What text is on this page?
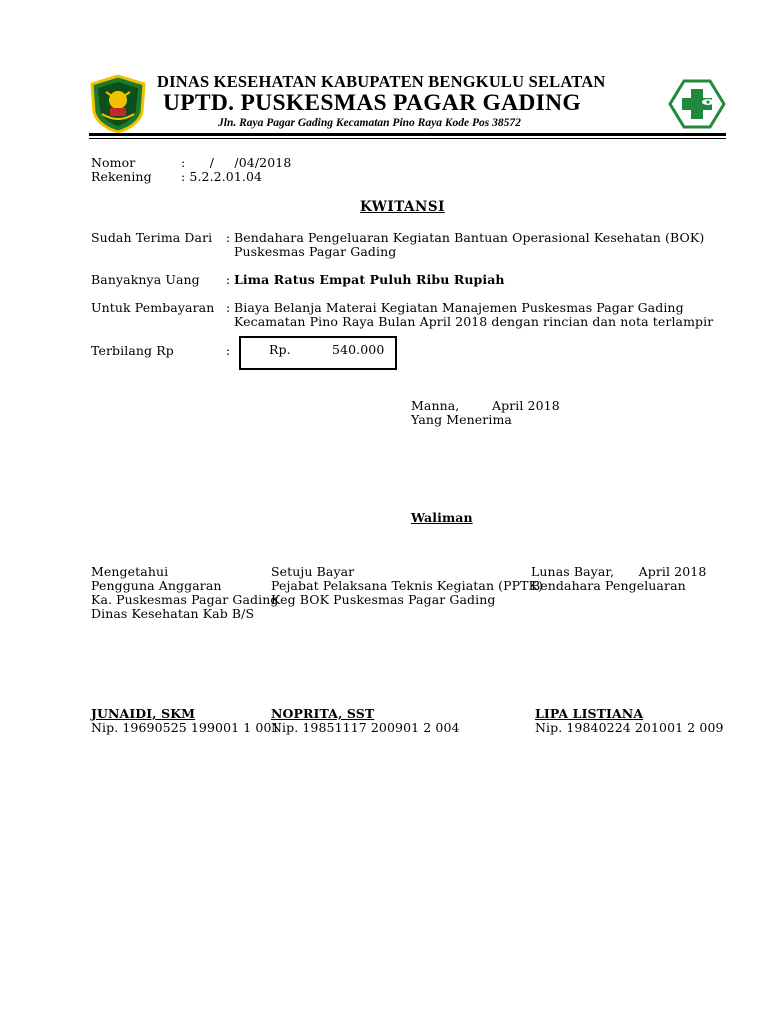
DINAS KESEHATAN KABUPATEN BENGKULU SELATAN
UPTD. PUSKESMAS PAGAR GADING
Jln. Raya Pagar Gading Kecamatan Pino Raya Kode Pos 38572
Nomor	:      /     /04/2018
Rekening : 5.2.2.01.04
KWITANSI
Sudah Terima Dari : Bendahara Pengeluaran Kegiatan Bantuan Operasional Kesehatan (BOK)
Puskesmas Pagar Gading
Banyaknya Uang : Lima Ratus Empat Puluh Ribu Rupiah
Untuk Pembayaran : Biaya Belanja Materai Kegiatan Manajemen Puskesmas Pagar Gading
Kecamatan Pino Raya Bulan April 2018 dengan rincian dan nota terlampir
Terbilang Rp	:	Rp.	540.000
Manna,        April 2018
Yang Menerima
Waliman
Mengetahui
Pengguna Anggaran
Ka. Puskesmas Pagar Gading
Dinas Kesehatan Kab B/S
Setuju Bayar
Pejabat Pelaksana Teknis Kegiatan (PPTK)
Keg BOK Puskesmas Pagar Gading
Lunas Bayar,      April 2018
Bendahara Pengeluaran
JUNAIDI, SKM
Nip. 19690525 199001 1 001
NOPRITA, SST
Nip. 19851117 200901 2 004
LIPA LISTIANA
Nip. 19840224 201001 2 009
